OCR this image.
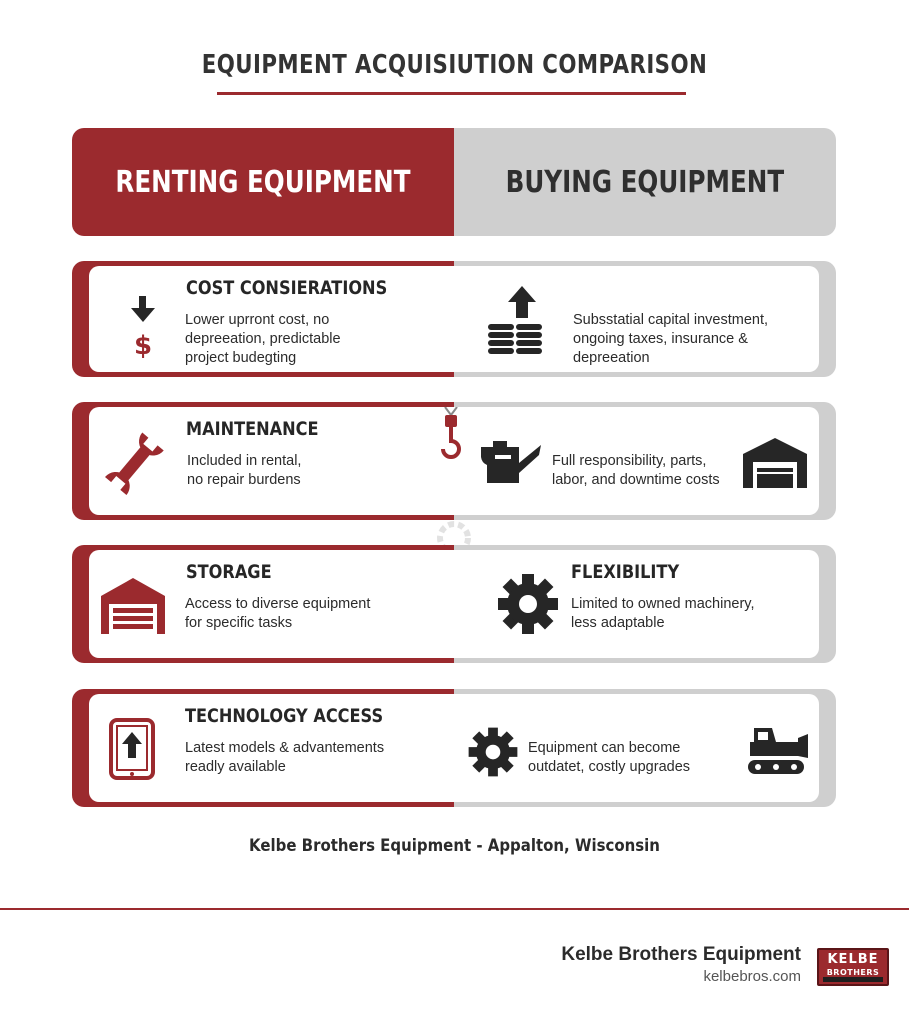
EQUIPMENT ACQUISIUTION COMPARISON
RENTING EQUIPMENT	BUYING EQUIPMENT
$
COST CONSIERATIONS
Lower uprront cost, no
depreeation, predictable
project budegting
Subsstatial capital investment,
ongoing taxes, insurance &
depreeation
MAINTENANCE
Included in rental,
no repair burdens
Full responsibility, parts,
labor, and downtime costs
STORAGE
Access to diverse equipment
for specific tasks
FLEXIBILITY
Limited to owned machinery,
less adaptable
TECHNOLOGY ACCESS
Latest models & advantements
readly available
Equipment can become
outdatet, costly upgrades
Kelbe Brothers Equipment - Appalton, Wisconsin
Kelbe Brothers Equipment
kelbebros.com
KELBE
BROTHERS
